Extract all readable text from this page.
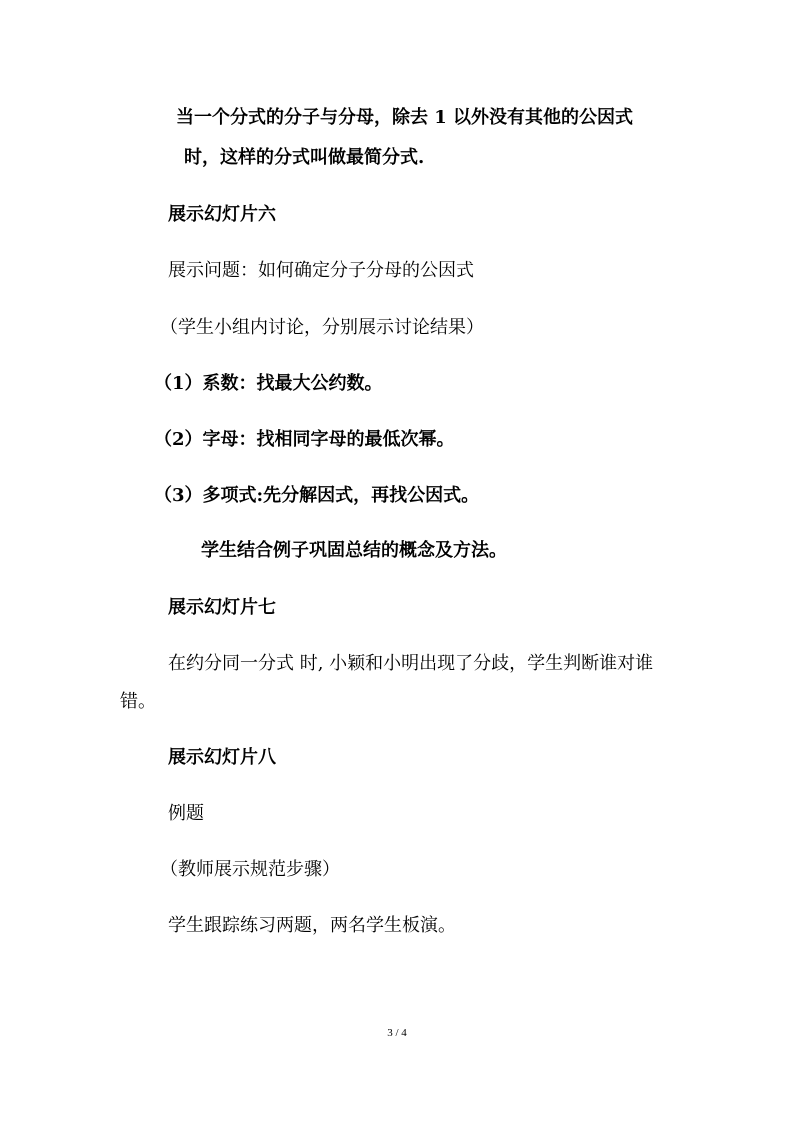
当一个分式的分子与分母，除去 1 以外没有其他的公因式
时，这样的分式叫做最简分式.
展示幻灯片六
展示问题：如何确定分子分母的公因式
（学生小组内讨论，分别展示讨论结果）
（1）系数：找最大公约数。
（2）字母：找相同字母的最低次幂。
（3）多项式:先分解因式，再找公因式。
学生结合例子巩固总结的概念及方法。
展示幻灯片七
在约分同一分式 时, 小颖和小明出现了分歧，学生判断谁对谁
错。
展示幻灯片八
例题
（教师展示规范步骤）
学生跟踪练习两题，两名学生板演。
3 / 4
